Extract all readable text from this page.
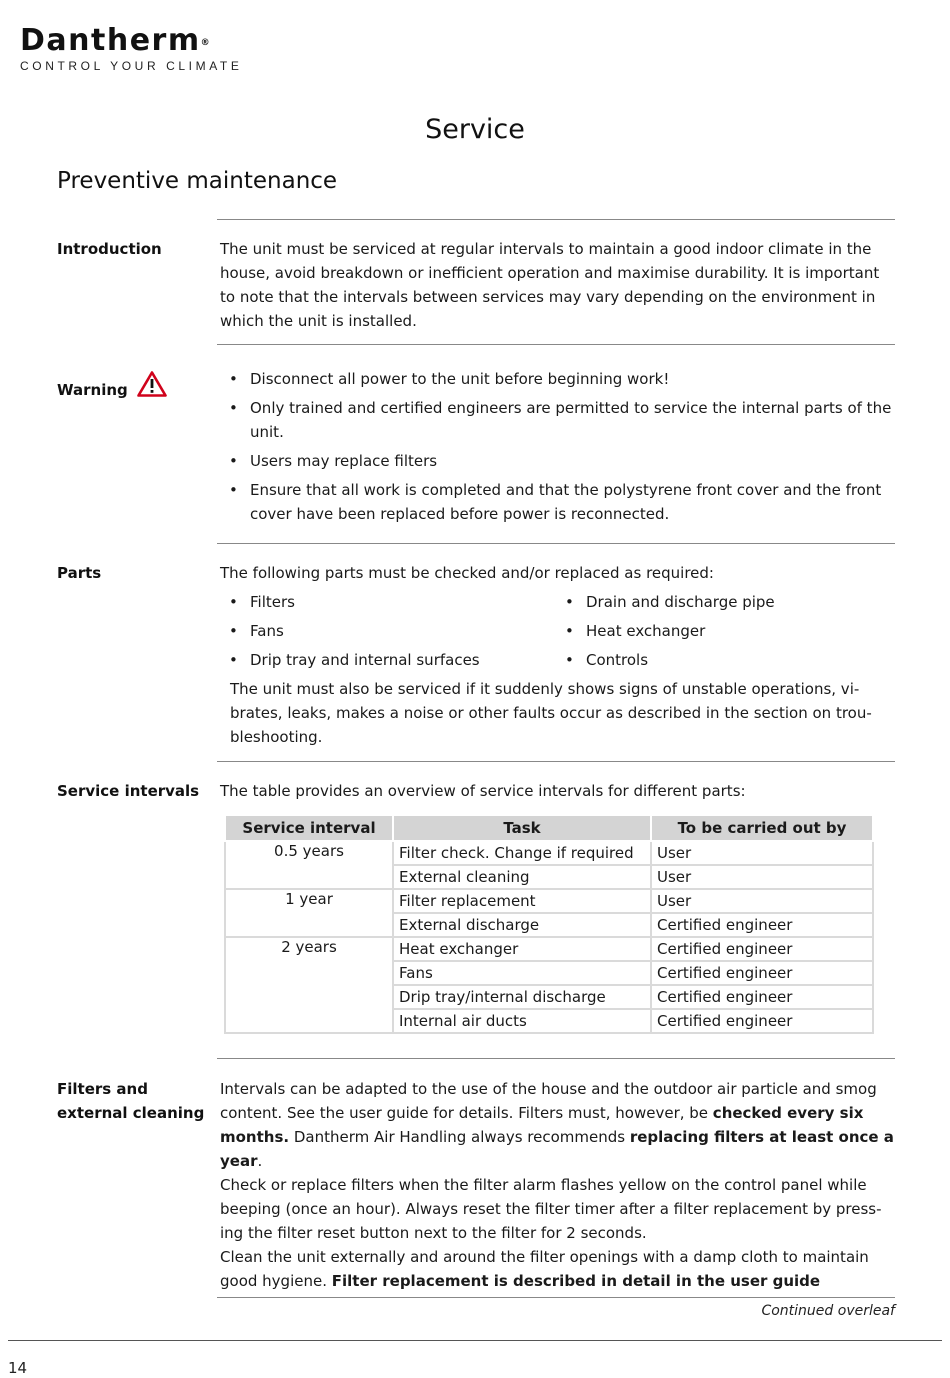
Dantherm®
CONTROL YOUR CLIMATE
Service
Preventive maintenance
Introduction	The unit must be serviced at regular intervals to maintain a good indoor climate in the house, avoid breakdown or inefficient operation and maximise durability. It is important to note that the intervals between services may vary depending on the environment in which the unit is installed.

Warning
• Disconnect all power to the unit before beginning work!
• Only trained and certified engineers are permitted to service the internal parts of the unit.
• Users may replace filters
• Ensure that all work is completed and that the polystyrene front cover and the front cover have been replaced before power is reconnected.
Parts	The following parts must be checked and/or replaced as required:

• Filters
• Fans
• Drip tray and internal surfaces
• Drain and discharge pipe
• Heat exchanger
• Controls

The unit must also be serviced if it suddenly shows signs of unstable operations, vi-brates, leaks, makes a noise or other faults occur as described in the section on trou-bleshooting.

Service intervals	The table provides an overview of service intervals for different parts:

Service interval	Task	To be carried out by
0.5 years	Filter check. Change if required	User
	External cleaning	User
1 year	Filter replacement	User
	External discharge	Certified engineer
2 years	Heat exchanger	Certified engineer
	Fans	Certified engineer
	Drip tray/internal discharge	Certified engineer
	Internal air ducts	Certified engineer
Filters and external cleaning

Intervals can be adapted to the use of the house and the outdoor air particle and smog content. See the user guide for details. Filters must, however, be checked every six months. Dantherm Air Handling always recommends replacing filters at least once a year.

Check or replace filters when the filter alarm flashes yellow on the control panel while beeping (once an hour). Always reset the filter timer after a filter replacement by press-ing the filter reset button next to the filter for 2 seconds.

Clean the unit externally and around the filter openings with a damp cloth to maintain good hygiene. Filter replacement is described in detail in the user guide

Continued overleaf
14
